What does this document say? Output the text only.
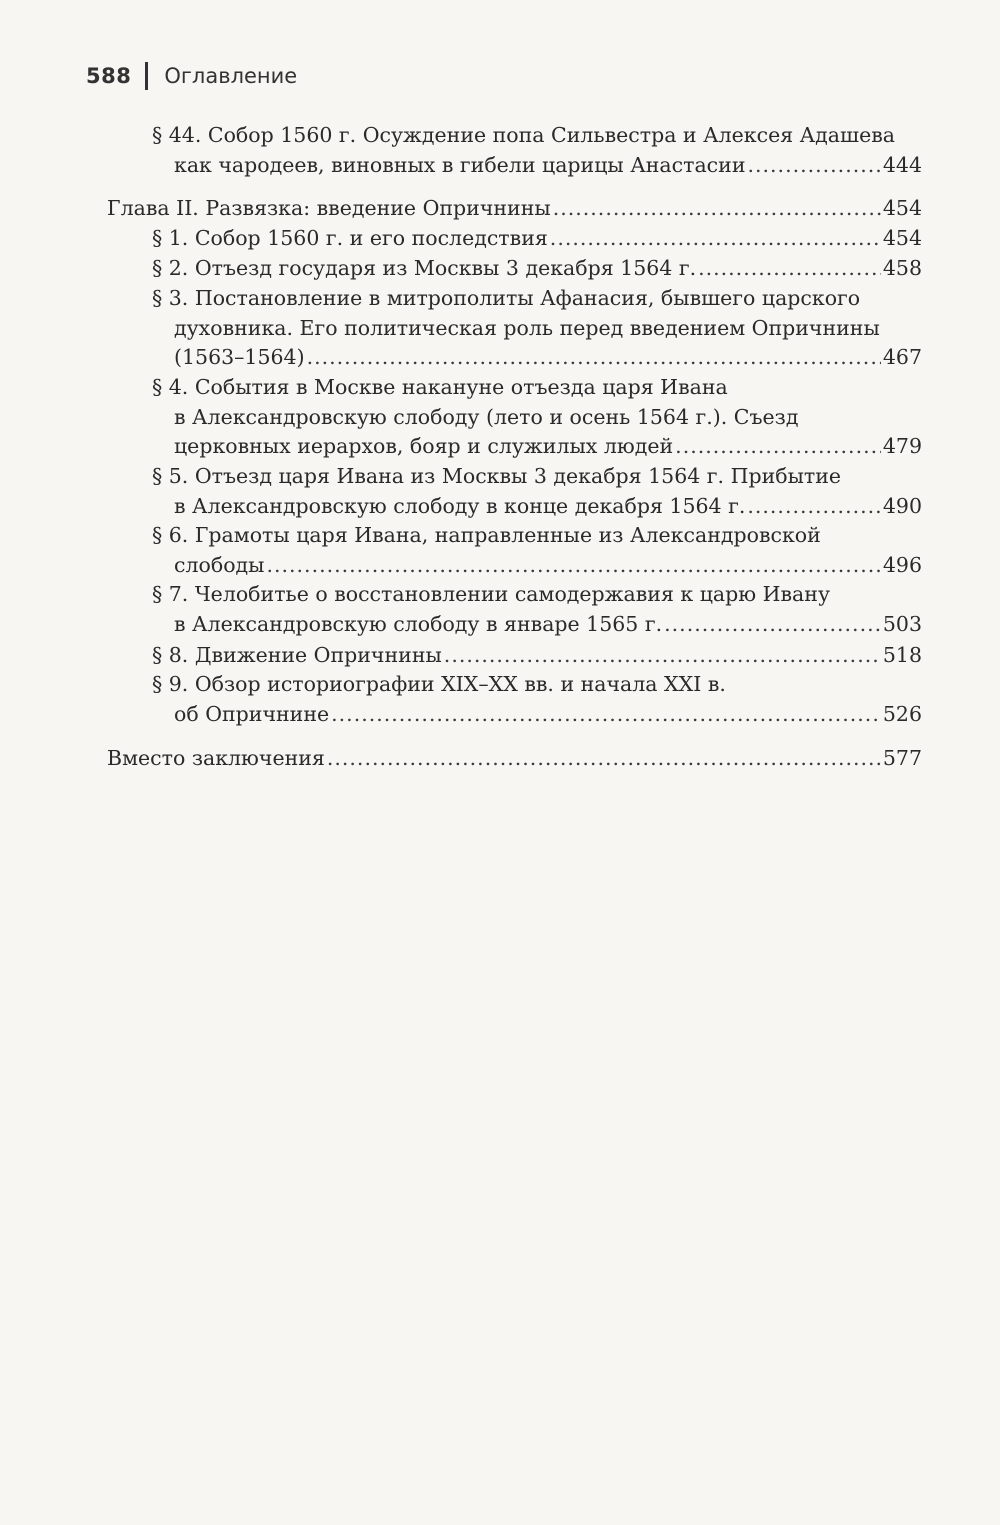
588 Оглавление
§ 44. Собор 1560 г. Осуждение попа Сильвестра и Алексея Адашева
как чародеев, виновных в гибели царицы Анастасии .....	444
Глава II. Развязка: введение Опричнины .....	454
§ 1. Собор 1560 г. и его последствия .....	454
§ 2. Отъезд государя из Москвы 3 декабря 1564 г. .....	458
§ 3. Постановление в митрополиты Афанасия, бывшего царского
духовника. Его политическая роль перед введением Опричнины
(1563–1564) .....	467
§ 4. События в Москве накануне отъезда царя Ивана
в Александровскую слободу (лето и осень 1564 г.). Съезд
церковных иерархов, бояр и служилых людей .....	479
§ 5. Отъезд царя Ивана из Москвы 3 декабря 1564 г. Прибытие
в Александровскую слободу в конце декабря 1564 г. .....	490
§ 6. Грамоты царя Ивана, направленные из Александровской
слободы .....	496
§ 7. Челобитье о восстановлении самодержавия к царю Ивану
в Александровскую слободу в январе 1565 г. .....	503
§ 8. Движение Опричнины .....	518
§ 9. Обзор историографии XIX–XX вв. и начала XXI в.
об Опричнине .....	526
Вместо заключения .....	577
